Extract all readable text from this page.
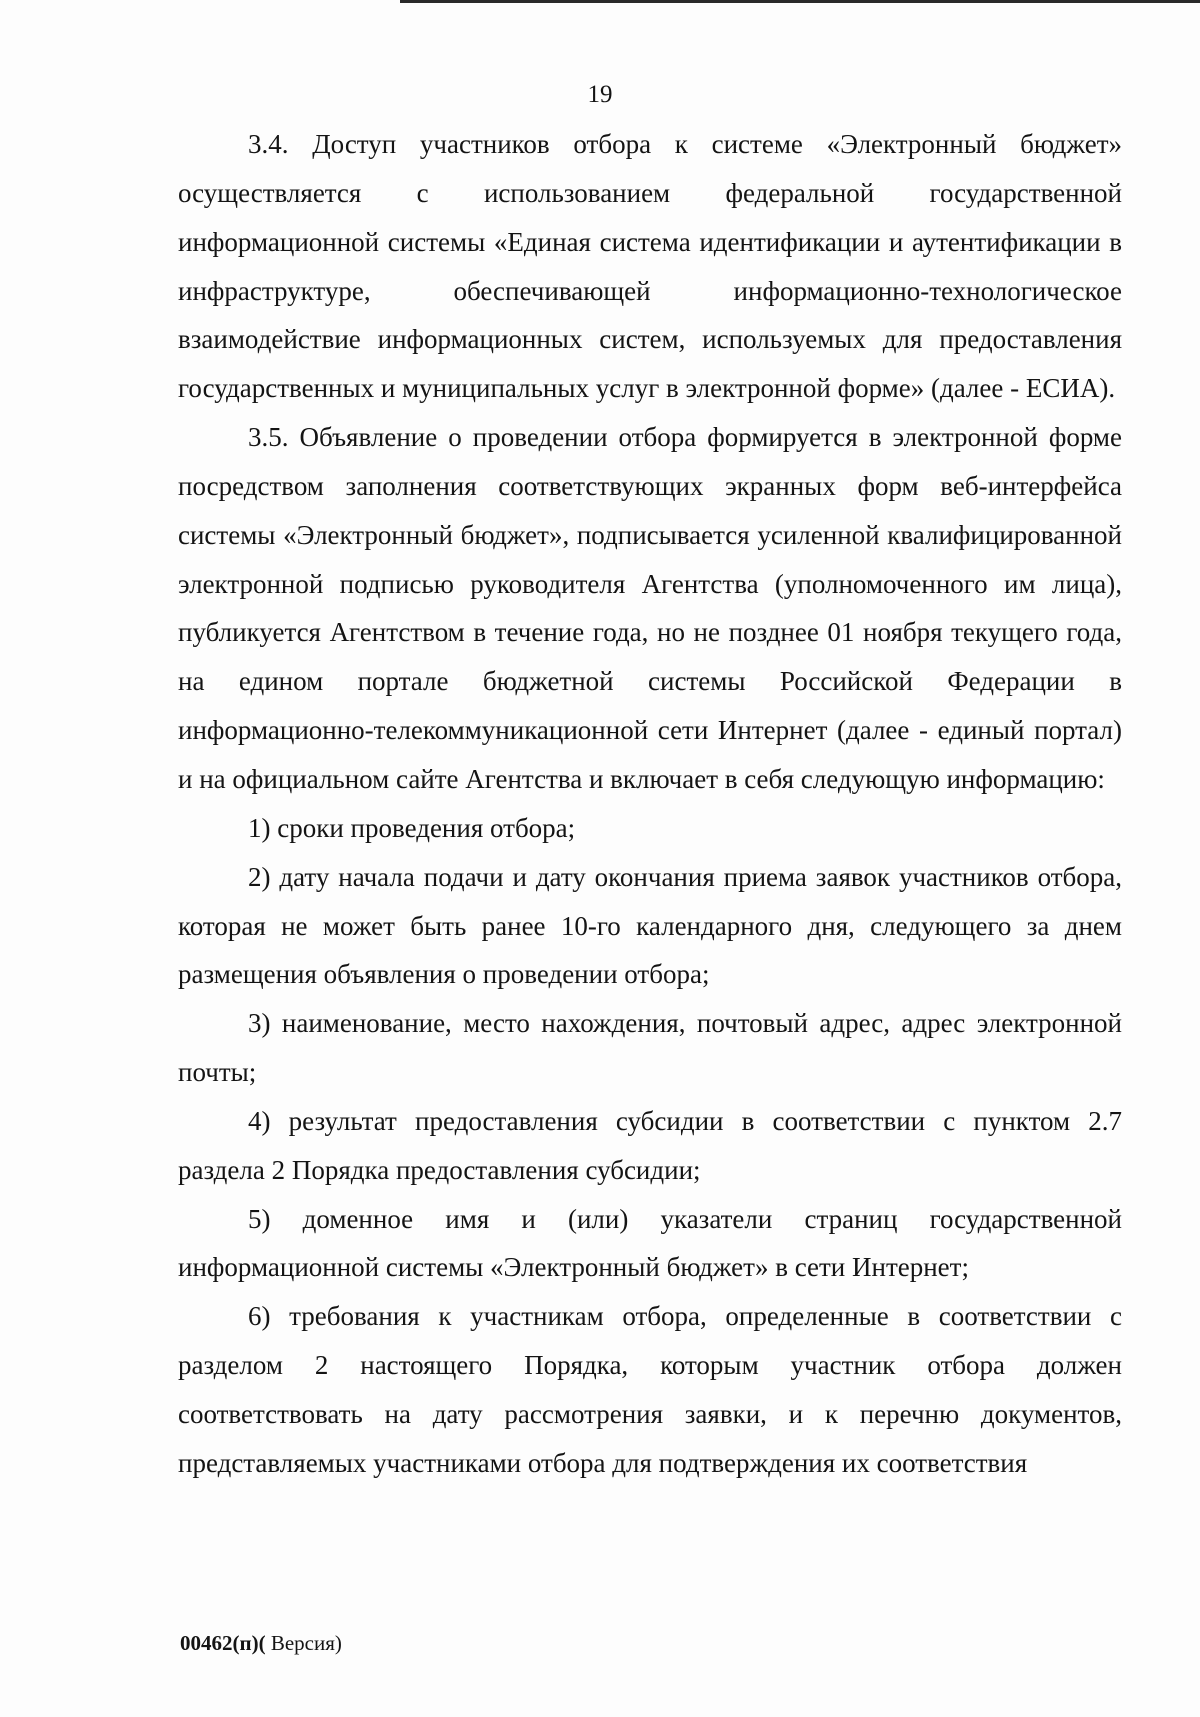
19

3.4. Доступ участников отбора к системе «Электронный бюджет» осуществляется с использованием федеральной государственной информационной системы «Единая система идентификации и аутентификации в инфраструктуре, обеспечивающей информационно-технологическое взаимодействие информационных систем, используемых для предоставления государственных и муниципальных услуг в электронной форме» (далее - ЕСИА).

3.5. Объявление о проведении отбора формируется в электронной форме посредством заполнения соответствующих экранных форм веб-интерфейса системы «Электронный бюджет», подписывается усиленной квалифицированной электронной подписью руководителя Агентства (уполномоченного им лица), публикуется Агентством в течение года, но не позднее 01 ноября текущего года, на едином портале бюджетной системы Российской Федерации в информационно-телекоммуникационной сети Интернет (далее - единый портал) и на официальном сайте Агентства и включает в себя следующую информацию:

1) сроки проведения отбора;

2) дату начала подачи и дату окончания приема заявок участников отбора, которая не может быть ранее 10-го календарного дня, следующего за днем размещения объявления о проведении отбора;

3) наименование, место нахождения, почтовый адрес, адрес электронной почты;

4) результат предоставления субсидии в соответствии с пунктом 2.7 раздела 2 Порядка предоставления субсидии;

5) доменное имя и (или) указатели страниц государственной информационной системы «Электронный бюджет» в сети Интернет;

6) требования к участникам отбора, определенные в соответствии с разделом 2 настоящего Порядка, которым участник отбора должен соответствовать на дату рассмотрения заявки, и к перечню документов, представляемых участниками отбора для подтверждения их соответствия

00462(п)( Версия)
